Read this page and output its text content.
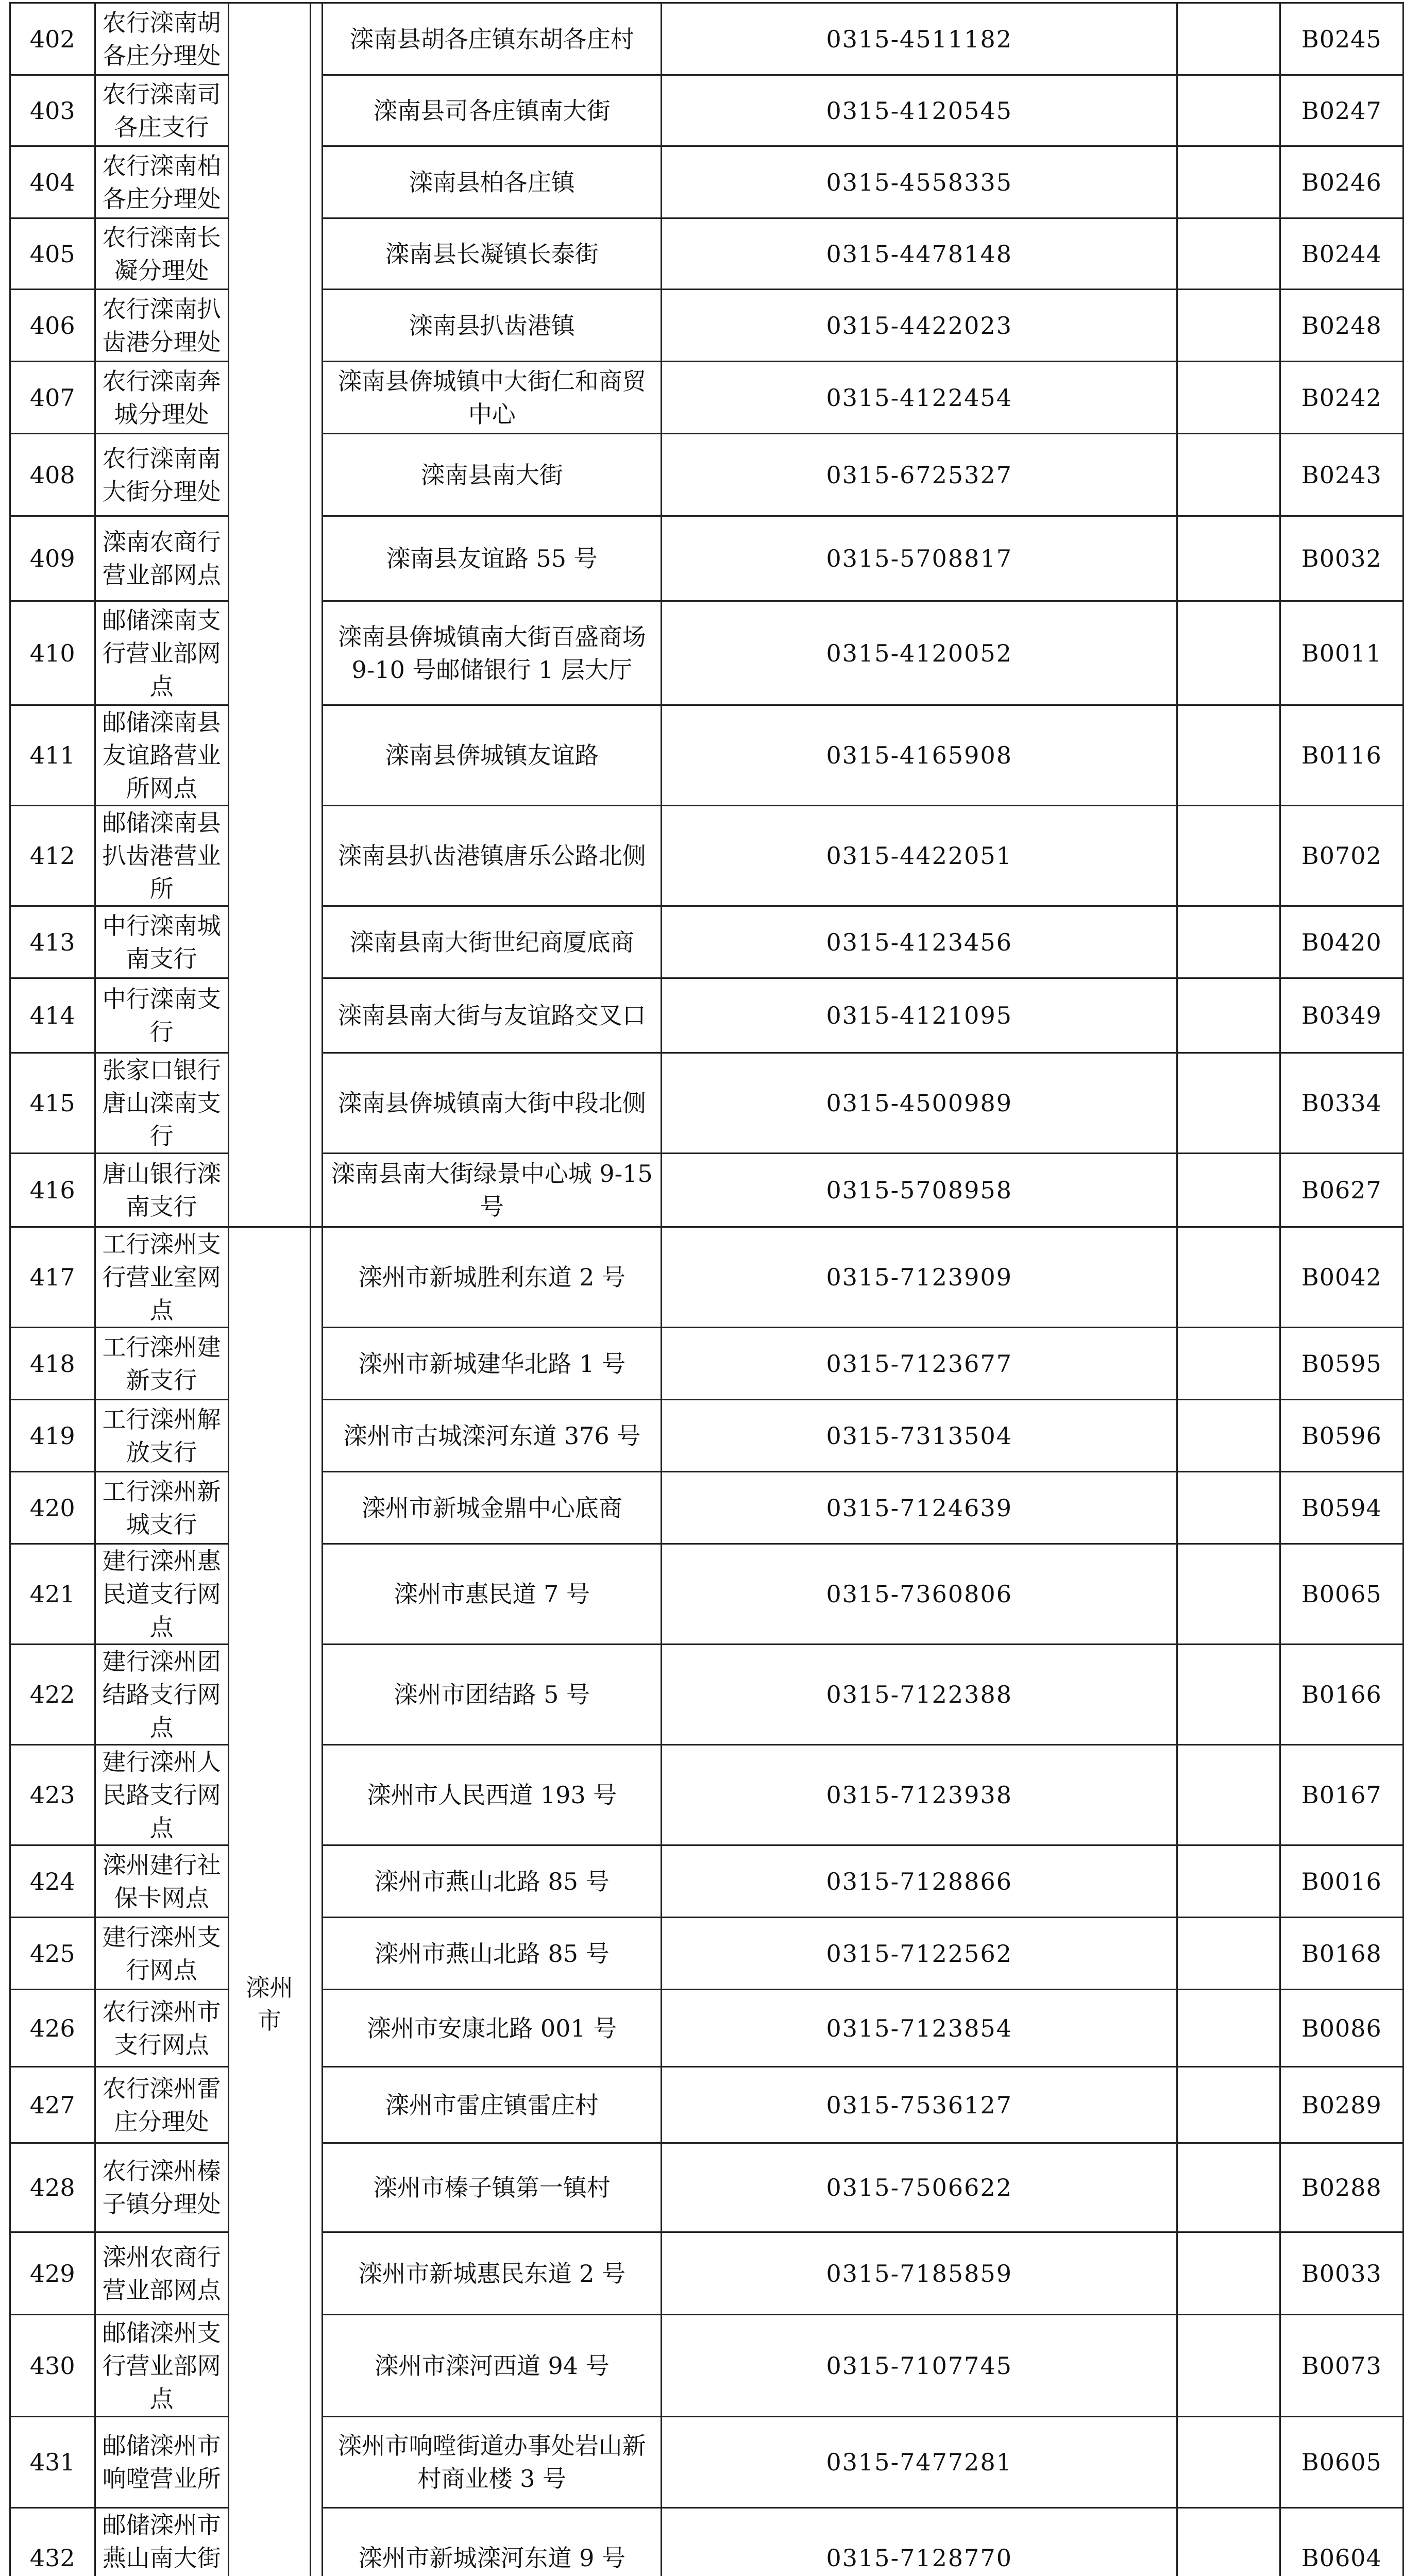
402	农行滦南胡各庄分理处			滦南县胡各庄镇东胡各庄村	0315-4511182		B0245
403	农行滦南司各庄支行			滦南县司各庄镇南大街	0315-4120545		B0247
404	农行滦南柏各庄分理处			滦南县柏各庄镇	0315-4558335		B0246
405	农行滦南长凝分理处			滦南县长凝镇长泰街	0315-4478148		B0244
406	农行滦南扒齿港分理处			滦南县扒齿港镇	0315-4422023		B0248
407	农行滦南奔城分理处			滦南县倴城镇中大街仁和商贸中心	0315-4122454		B0242
408	农行滦南南大街分理处			滦南县南大街	0315-6725327		B0243
409	滦南农商行营业部网点			滦南县友谊路 55 号	0315-5708817		B0032
410	邮储滦南支行营业部网点			滦南县倴城镇南大街百盛商场 9-10 号邮储银行 1 层大厅	0315-4120052		B0011
411	邮储滦南县友谊路营业所网点			滦南县倴城镇友谊路	0315-4165908		B0116
412	邮储滦南县扒齿港营业所			滦南县扒齿港镇唐乐公路北侧	0315-4422051		B0702
413	中行滦南城南支行			滦南县南大街世纪商厦底商	0315-4123456		B0420
414	中行滦南支行			滦南县南大街与友谊路交叉口	0315-4121095		B0349
415	张家口银行唐山滦南支行			滦南县倴城镇南大街中段北侧	0315-4500989		B0334
416	唐山银行滦南支行			滦南县南大街绿景中心城 9-15 号	0315-5708958		B0627
417	工行滦州支行营业室网点	滦州市		滦州市新城胜利东道 2 号	0315-7123909		B0042
418	工行滦州建新支行			滦州市新城建华北路 1 号	0315-7123677		B0595
419	工行滦州解放支行			滦州市古城滦河东道 376 号	0315-7313504		B0596
420	工行滦州新城支行			滦州市新城金鼎中心底商	0315-7124639		B0594
421	建行滦州惠民道支行网点			滦州市惠民道 7 号	0315-7360806		B0065
422	建行滦州团结路支行网点			滦州市团结路 5 号	0315-7122388		B0166
423	建行滦州人民路支行网点			滦州市人民西道 193 号	0315-7123938		B0167
424	滦州建行社保卡网点			滦州市燕山北路 85 号	0315-7128866		B0016
425	建行滦州支行网点			滦州市燕山北路 85 号	0315-7122562		B0168
426	农行滦州市支行网点			滦州市安康北路 001 号	0315-7123854		B0086
427	农行滦州雷庄分理处			滦州市雷庄镇雷庄村	0315-7536127		B0289
428	农行滦州榛子镇分理处			滦州市榛子镇第一镇村	0315-7506622		B0288
429	滦州农商行营业部网点			滦州市新城惠民东道 2 号	0315-7185859		B0033
430	邮储滦州支行营业部网点			滦州市滦河西道 94 号	0315-7107745		B0073
431	邮储滦州市响嘡营业所			滦州市响嘡街道办事处岩山新村商业楼 3 号	0315-7477281		B0605
432	邮储滦州市燕山南大街			滦州市新城滦河东道 9 号	0315-7128770		B0604
